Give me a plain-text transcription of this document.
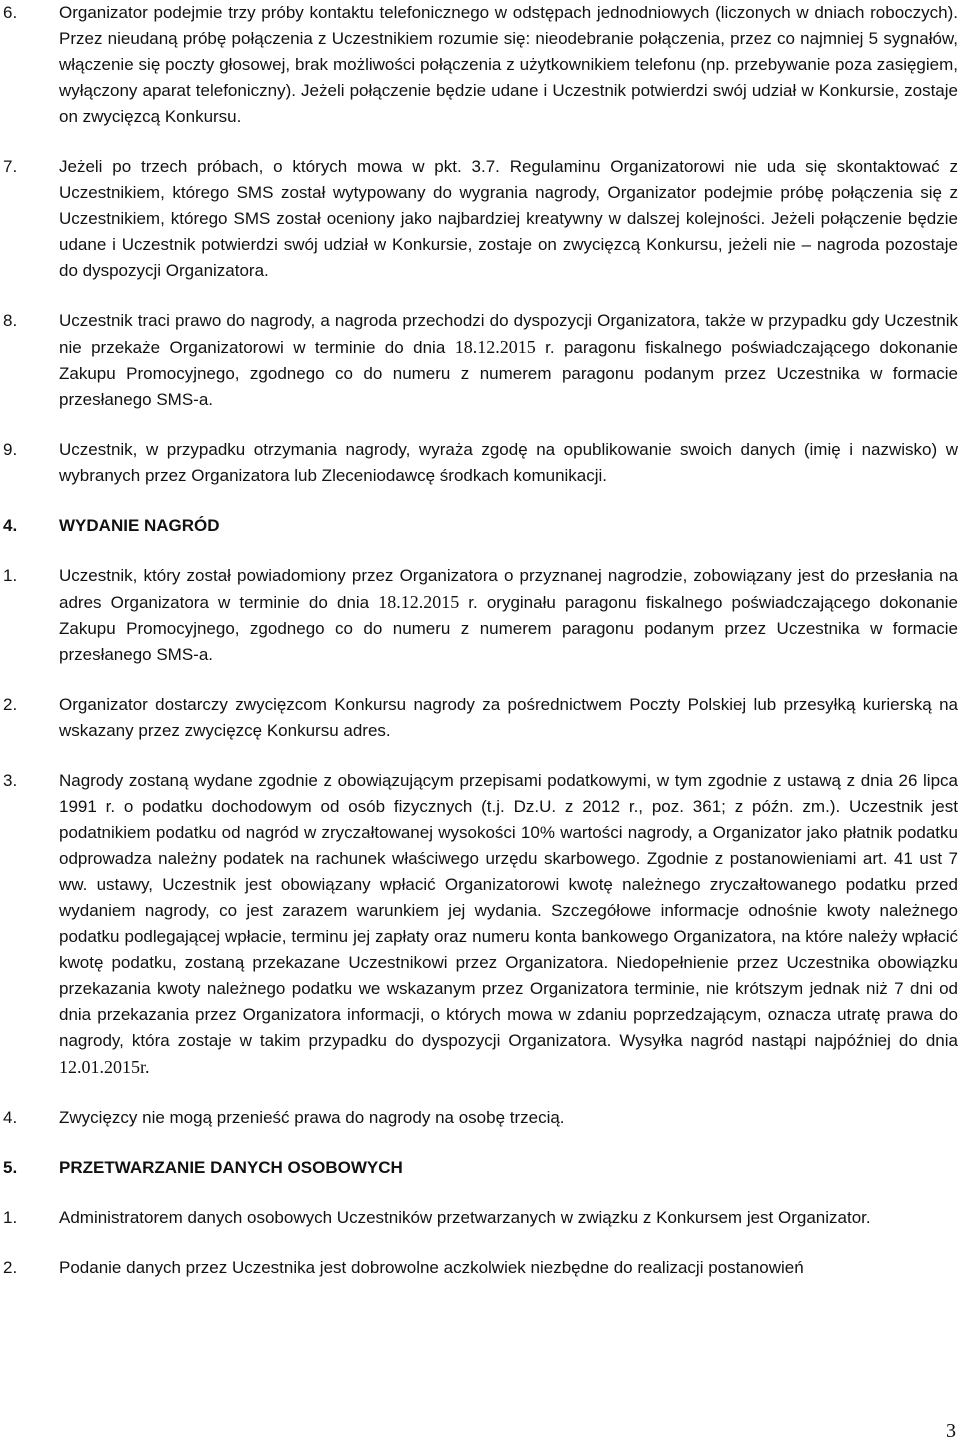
6. Organizator podejmie trzy próby kontaktu telefonicznego w odstępach jednodniowych (liczonych w dniach roboczych). Przez nieudaną próbę połączenia z Uczestnikiem rozumie się: nieodebranie połączenia, przez co najmniej 5 sygnałów, włączenie się poczty głosowej, brak możliwości połączenia z użytkownikiem telefonu (np. przebywanie poza zasięgiem, wyłączony aparat telefoniczny). Jeżeli połączenie będzie udane i Uczestnik potwierdzi swój udział w Konkursie, zostaje on zwycięzcą Konkursu.
7. Jeżeli po trzech próbach, o których mowa w pkt. 3.7. Regulaminu Organizatorowi nie uda się skontaktować z Uczestnikiem, którego SMS został wytypowany do wygrania nagrody, Organizator podejmie próbę połączenia się z Uczestnikiem, którego SMS został oceniony jako najbardziej kreatywny w dalszej kolejności. Jeżeli połączenie będzie udane i Uczestnik potwierdzi swój udział w Konkursie, zostaje on zwycięzcą Konkursu, jeżeli nie – nagroda pozostaje do dyspozycji Organizatora.
8. Uczestnik traci prawo do nagrody, a nagroda przechodzi do dyspozycji Organizatora, także w przypadku gdy Uczestnik nie przekaże Organizatorowi w terminie do dnia 18.12.2015 r. paragonu fiskalnego poświadczającego dokonanie Zakupu Promocyjnego, zgodnego co do numeru z numerem paragonu podanym przez Uczestnika w formacie przesłanego SMS-a.
9. Uczestnik, w przypadku otrzymania nagrody, wyraża zgodę na opublikowanie swoich danych (imię i nazwisko) w wybranych przez Organizatora lub Zleceniodawcę środkach komunikacji.
4. WYDANIE NAGRÓD
1. Uczestnik, który został powiadomiony przez Organizatora o przyznanej nagrodzie, zobowiązany jest do przesłania na adres Organizatora w terminie do dnia 18.12.2015 r. oryginału paragonu fiskalnego poświadczającego dokonanie Zakupu Promocyjnego, zgodnego co do numeru z numerem paragonu podanym przez Uczestnika w formacie przesłanego SMS-a.
2. Organizator dostarczy zwycięzcom Konkursu nagrody za pośrednictwem Poczty Polskiej lub przesyłką kurierską na wskazany przez zwycięzcę Konkursu adres.
3. Nagrody zostaną wydane zgodnie z obowiązującym przepisami podatkowymi, w tym zgodnie z ustawą z dnia 26 lipca 1991 r. o podatku dochodowym od osób fizycznych (t.j. Dz.U. z 2012 r., poz. 361; z późn. zm.). Uczestnik jest podatnikiem podatku od nagród w zryczałtowanej wysokości 10% wartości nagrody, a Organizator jako płatnik podatku odprowadza należny podatek na rachunek właściwego urzędu skarbowego. Zgodnie z postanowieniami art. 41 ust 7 ww. ustawy, Uczestnik jest obowiązany wpłacić Organizatorowi kwotę należnego zryczałtowanego podatku przed wydaniem nagrody, co jest zarazem warunkiem jej wydania. Szczegółowe informacje odnośnie kwoty należnego podatku podlegającej wpłacie, terminu jej zapłaty oraz numeru konta bankowego Organizatora, na które należy wpłacić kwotę podatku, zostaną przekazane Uczestnikowi przez Organizatora. Niedopełnienie przez Uczestnika obowiązku przekazania kwoty należnego podatku we wskazanym przez Organizatora terminie, nie krótszym jednak niż 7 dni od dnia przekazania przez Organizatora informacji, o których mowa w zdaniu poprzedzającym, oznacza utratę prawa do nagrody, która zostaje w takim przypadku do dyspozycji Organizatora. Wysyłka nagród nastąpi najpóźniej do dnia 12.01.2015r.
4. Zwycięzcy nie mogą przenieść prawa do nagrody na osobę trzecią.
5. PRZETWARZANIE DANYCH OSOBOWYCH
1. Administratorem danych osobowych Uczestników przetwarzanych w związku z Konkursem jest Organizator.
2. Podanie danych przez Uczestnika jest dobrowolne aczkolwiek niezbędne do realizacji postanowień
3
